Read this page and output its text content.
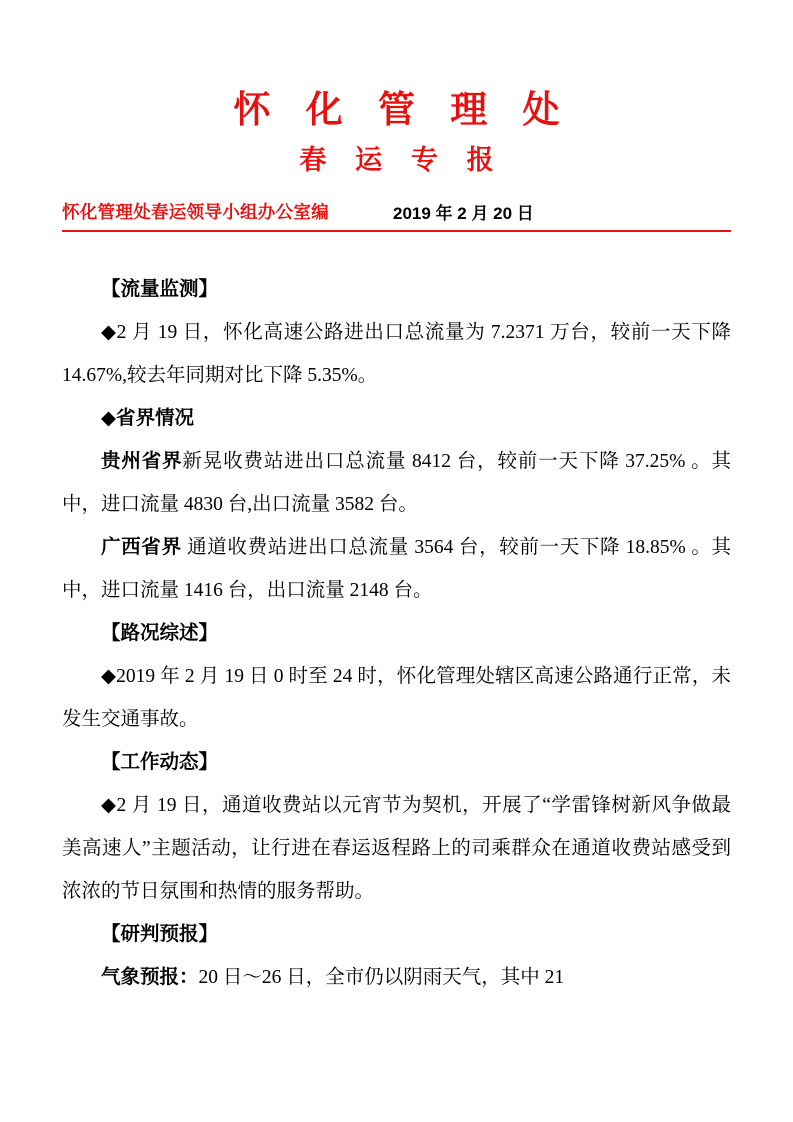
怀 化 管 理 处
春 运 专 报
怀化管理处春运领导小组办公室编	2019 年 2 月 20 日

【流量监测】

◆2 月 19 日，怀化高速公路进出口总流量为 7.2371 万台，较前一天下降 14.67%,较去年同期对比下降 5.35%。

◆省界情况

贵州省界新晃收费站进出口总流量 8412 台，较前一天下降 37.25% 。其中，进口流量 4830 台,出口流量 3582 台。

广西省界 通道收费站进出口总流量 3564 台，较前一天下降 18.85% 。其中，进口流量 1416 台，出口流量 2148 台。

【路况综述】

◆2019 年 2 月 19 日 0 时至 24 时，怀化管理处辖区高速公路通行正常，未发生交通事故。

【工作动态】

◆2 月 19 日，通道收费站以元宵节为契机，开展了“学雷锋树新风争做最美高速人”主题活动，让行进在春运返程路上的司乘群众在通道收费站感受到浓浓的节日氛围和热情的服务帮助。

【研判预报】

气象预报：20 日～26 日，全市仍以阴雨天气，其中 21
